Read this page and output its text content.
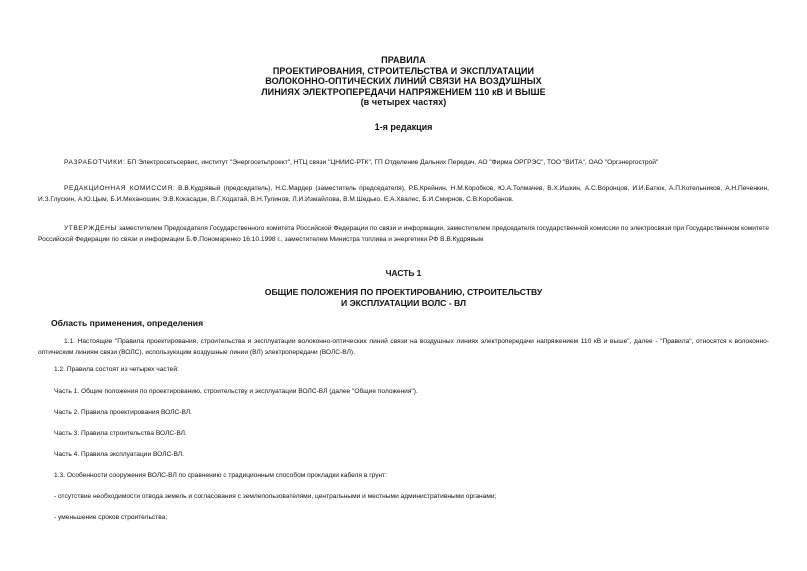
ПРАВИЛА
ПРОЕКТИРОВАНИЯ, СТРОИТЕЛЬСТВА И ЭКСПЛУАТАЦИИ
ВОЛОКОННО-ОПТИЧЕСКИХ ЛИНИЙ СВЯЗИ НА ВОЗДУШНЫХ
ЛИНИЯХ ЭЛЕКТРОПЕРЕДАЧИ НАПРЯЖЕНИЕМ 110 кВ И ВЫШЕ
(в четырех частях)
1-я редакция
РАЗРАБОТЧИКИ: БП Электросетьсервис, институт "Энергосетьпроект", НТЦ связи "ЦНИИС-РТК", ГП Отделение Дальних Передач, АО "Фирма ОРГРЭС", ТОО "ВИТА", ОАО "Оргэнергострой"
РЕДАКЦИОННАЯ КОМИССИЯ: В.В.Кудрявый (председатель), Н.С.Мардер (заместитель председателя), Р.Б.Крейнин, Н.М.Коробков, Ю.А.Толмачев, В.Х.Ишкин, А.С.Воронцов, И.И.Батюк, А.П.Котельников, А.Н.Печенкин, И.З.Глускин, А.Ю.Цым, Б.И.Механошин, Э.В.Кокасадзе, В.Г.Ходатай, В.Н.Тулинов, Л.И.Измайлова, В.М.Шедько, Е.А.Хвалес, Б.И.Смирнов, С.В.Коробанов.
УТВЕРЖДЕНЫ заместителем Председателя Государственного комитета Российской Федерации по связи и информации, заместителем председателя государственной комиссии по электросвязи при Государственном комитете Российской Федерации по связи и информации Б.Ф.Пономаренко 16.10.1998 г., заместителем Министра топлива и энергетики РФ В.В.Кудрявым
ЧАСТЬ 1
ОБЩИЕ ПОЛОЖЕНИЯ ПО ПРОЕКТИРОВАНИЮ, СТРОИТЕЛЬСТВУ
И ЭКСПЛУАТАЦИИ ВОЛС - ВЛ
Область применения, определения
1.1. Настоящие "Правила проектирования, строительства и эксплуатации волоконно-оптических линий связи на воздушных линиях электропередачи напряжением 110 кВ и выше", далее - "Правила", относятся к волоконно-оптическим линиям связи (ВОЛС), использующим воздушные линии (ВЛ) электропередачи (ВОЛС-ВЛ).
1.2. Правила состоят из четырех частей:
Часть 1. Общие положения по проектированию, строительству и эксплуатации ВОЛС-ВЛ (далее "Общие положения").
Часть 2. Правила проектирования ВОЛС-ВЛ.
Часть 3. Правила строительства ВОЛС-ВЛ.
Часть 4. Правила эксплуатации ВОЛС-ВЛ.
1.3. Особенности сооружения ВОЛС-ВЛ по сравнению с традиционным способом прокладки кабеля в грунт:
- отсутствие необходимости отвода земель и согласования с землепользователями, центральными и местными административными органами;
- уменьшение сроков строительства;
